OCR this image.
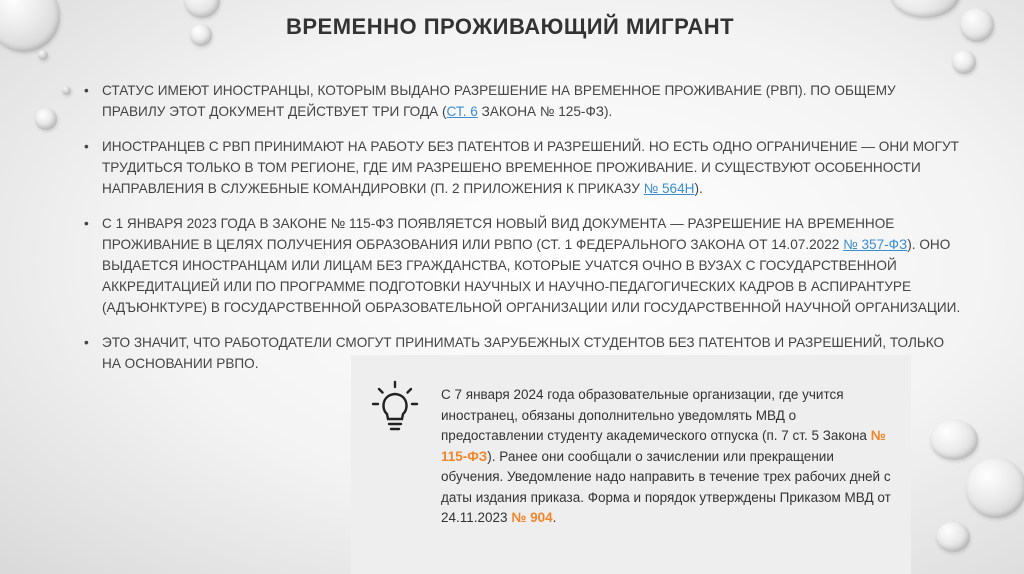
ВРЕМЕННО ПРОЖИВАЮЩИЙ МИГРАНТ
• СТАТУС ИМЕЮТ ИНОСТРАНЦЫ, КОТОРЫМ ВЫДАНО РАЗРЕШЕНИЕ НА ВРЕМЕННОЕ ПРОЖИВАНИЕ (РВП). ПО ОБЩЕМУ ПРАВИЛУ ЭТОТ ДОКУМЕНТ ДЕЙСТВУЕТ ТРИ ГОДА (СТ. 6 ЗАКОНА № 125-ФЗ).
• ИНОСТРАНЦЕВ С РВП ПРИНИМАЮТ НА РАБОТУ БЕЗ ПАТЕНТОВ И РАЗРЕШЕНИЙ. НО ЕСТЬ ОДНО ОГРАНИЧЕНИЕ — ОНИ МОГУТ ТРУДИТЬСЯ ТОЛЬКО В ТОМ РЕГИОНЕ, ГДЕ ИМ РАЗРЕШЕНО ВРЕМЕННОЕ ПРОЖИВАНИЕ. И СУЩЕСТВУЮТ ОСОБЕННОСТИ НАПРАВЛЕНИЯ В СЛУЖЕБНЫЕ КОМАНДИРОВКИ (П. 2 ПРИЛОЖЕНИЯ К ПРИКАЗУ № 564Н).
• С 1 ЯНВАРЯ 2023 ГОДА В ЗАКОНЕ № 115-ФЗ ПОЯВЛЯЕТСЯ НОВЫЙ ВИД ДОКУМЕНТА — РАЗРЕШЕНИЕ НА ВРЕМЕННОЕ ПРОЖИВАНИЕ В ЦЕЛЯХ ПОЛУЧЕНИЯ ОБРАЗОВАНИЯ ИЛИ РВПО (СТ. 1 ФЕДЕРАЛЬНОГО ЗАКОНА ОТ 14.07.2022 № 357-ФЗ). ОНО ВЫДАЕТСЯ ИНОСТРАНЦАМ ИЛИ ЛИЦАМ БЕЗ ГРАЖДАНСТВА, КОТОРЫЕ УЧАТСЯ ОЧНО В ВУЗАХ С ГОСУДАРСТВЕННОЙ АККРЕДИТАЦИЕЙ ИЛИ ПО ПРОГРАММЕ ПОДГОТОВКИ НАУЧНЫХ И НАУЧНО-ПЕДАГОГИЧЕСКИХ КАДРОВ В АСПИРАНТУРЕ (АДЪЮНКТУРЕ) В ГОСУДАРСТВЕННОЙ ОБРАЗОВАТЕЛЬНОЙ ОРГАНИЗАЦИИ ИЛИ ГОСУДАРСТВЕННОЙ НАУЧНОЙ ОРГАНИЗАЦИИ.
• ЭТО ЗНАЧИТ, ЧТО РАБОТОДАТЕЛИ СМОГУТ ПРИНИМАТЬ ЗАРУБЕЖНЫХ СТУДЕНТОВ БЕЗ ПАТЕНТОВ И РАЗРЕШЕНИЙ, ТОЛЬКО НА ОСНОВАНИИ РВПО.
С 7 января 2024 года образовательные организации, где учится иностранец, обязаны дополнительно уведомлять МВД о предоставлении студенту академического отпуска (п. 7 ст. 5 Закона № 115-ФЗ). Ранее они сообщали о зачислении или прекращении обучения. Уведомление надо направить в течение трех рабочих дней с даты издания приказа. Форма и порядок утверждены Приказом МВД от 24.11.2023 № 904.
